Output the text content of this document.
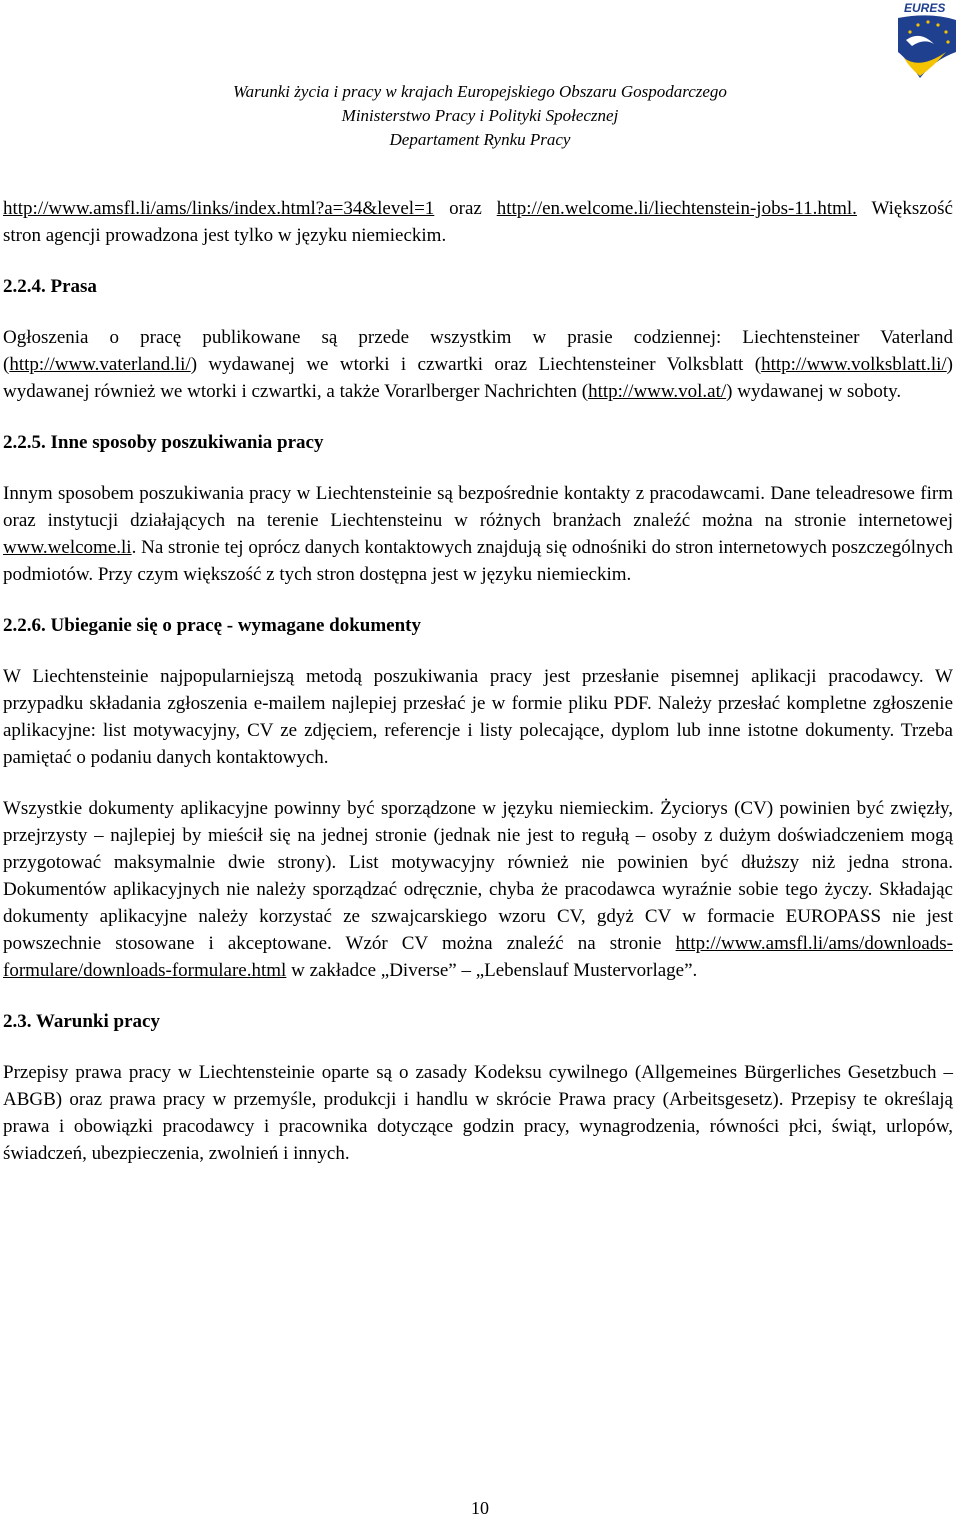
EURES
Warunki życia i pracy w krajach Europejskiego Obszaru Gospodarczego
Ministerstwo Pracy i Polityki Społecznej
Departament Rynku Pracy

http://www.amsfl.li/ams/links/index.html?a=34&level=1 oraz http://en.welcome.li/liechtenstein-jobs-11.html. Większość stron agencji prowadzona jest tylko w języku niemieckim.

2.2.4. Prasa

Ogłoszenia o pracę publikowane są przede wszystkim w prasie codziennej: Liechtensteiner Vaterland (http://www.vaterland.li/) wydawanej we wtorki i czwartki oraz Liechtensteiner Volksblatt (http://www.volksblatt.li/) wydawanej również we wtorki i czwartki, a także Vorarlberger Nachrichten (http://www.vol.at/) wydawanej w soboty.

2.2.5. Inne sposoby poszukiwania pracy

Innym sposobem poszukiwania pracy w Liechtensteinie są bezpośrednie kontakty z pracodawcami. Dane teleadresowe firm oraz instytucji działających na terenie Liechtensteinu w różnych branżach znaleźć można na stronie internetowej www.welcome.li. Na stronie tej oprócz danych kontaktowych znajdują się odnośniki do stron internetowych poszczególnych podmiotów. Przy czym większość z tych stron dostępna jest w języku niemieckim.

2.2.6. Ubieganie się o pracę - wymagane dokumenty

W Liechtensteinie najpopularniejszą metodą poszukiwania pracy jest przesłanie pisemnej aplikacji pracodawcy. W przypadku składania zgłoszenia e-mailem najlepiej przesłać je w formie pliku PDF. Należy przesłać kompletne zgłoszenie aplikacyjne: list motywacyjny, CV ze zdjęciem, referencje i listy polecające, dyplom lub inne istotne dokumenty. Trzeba pamiętać o podaniu danych kontaktowych.

Wszystkie dokumenty aplikacyjne powinny być sporządzone w języku niemieckim. Życiorys (CV) powinien być zwięzły, przejrzysty – najlepiej by mieścił się na jednej stronie (jednak nie jest to regułą – osoby z dużym doświadczeniem mogą przygotować maksymalnie dwie strony). List motywacyjny również nie powinien być dłuższy niż jedna strona. Dokumentów aplikacyjnych nie należy sporządzać odręcznie, chyba że pracodawca wyraźnie sobie tego życzy. Składając dokumenty aplikacyjne należy korzystać ze szwajcarskiego wzoru CV, gdyż CV w formacie EUROPASS nie jest powszechnie stosowane i akceptowane. Wzór CV można znaleźć na stronie http://www.amsfl.li/ams/downloads-formulare/downloads-formulare.html w zakładce „Diverse” – „Lebenslauf Mustervorlage”.

2.3. Warunki pracy

Przepisy prawa pracy w Liechtensteinie oparte są o zasady Kodeksu cywilnego (Allgemeines Bürgerliches Gesetzbuch – ABGB) oraz prawa pracy w przemyśle, produkcji i handlu w skrócie Prawa pracy (Arbeitsgesetz). Przepisy te określają prawa i obowiązki pracodawcy i pracownika dotyczące godzin pracy, wynagrodzenia, równości płci, świąt, urlopów, świadczeń, ubezpieczenia, zwolnień i innych.

10
